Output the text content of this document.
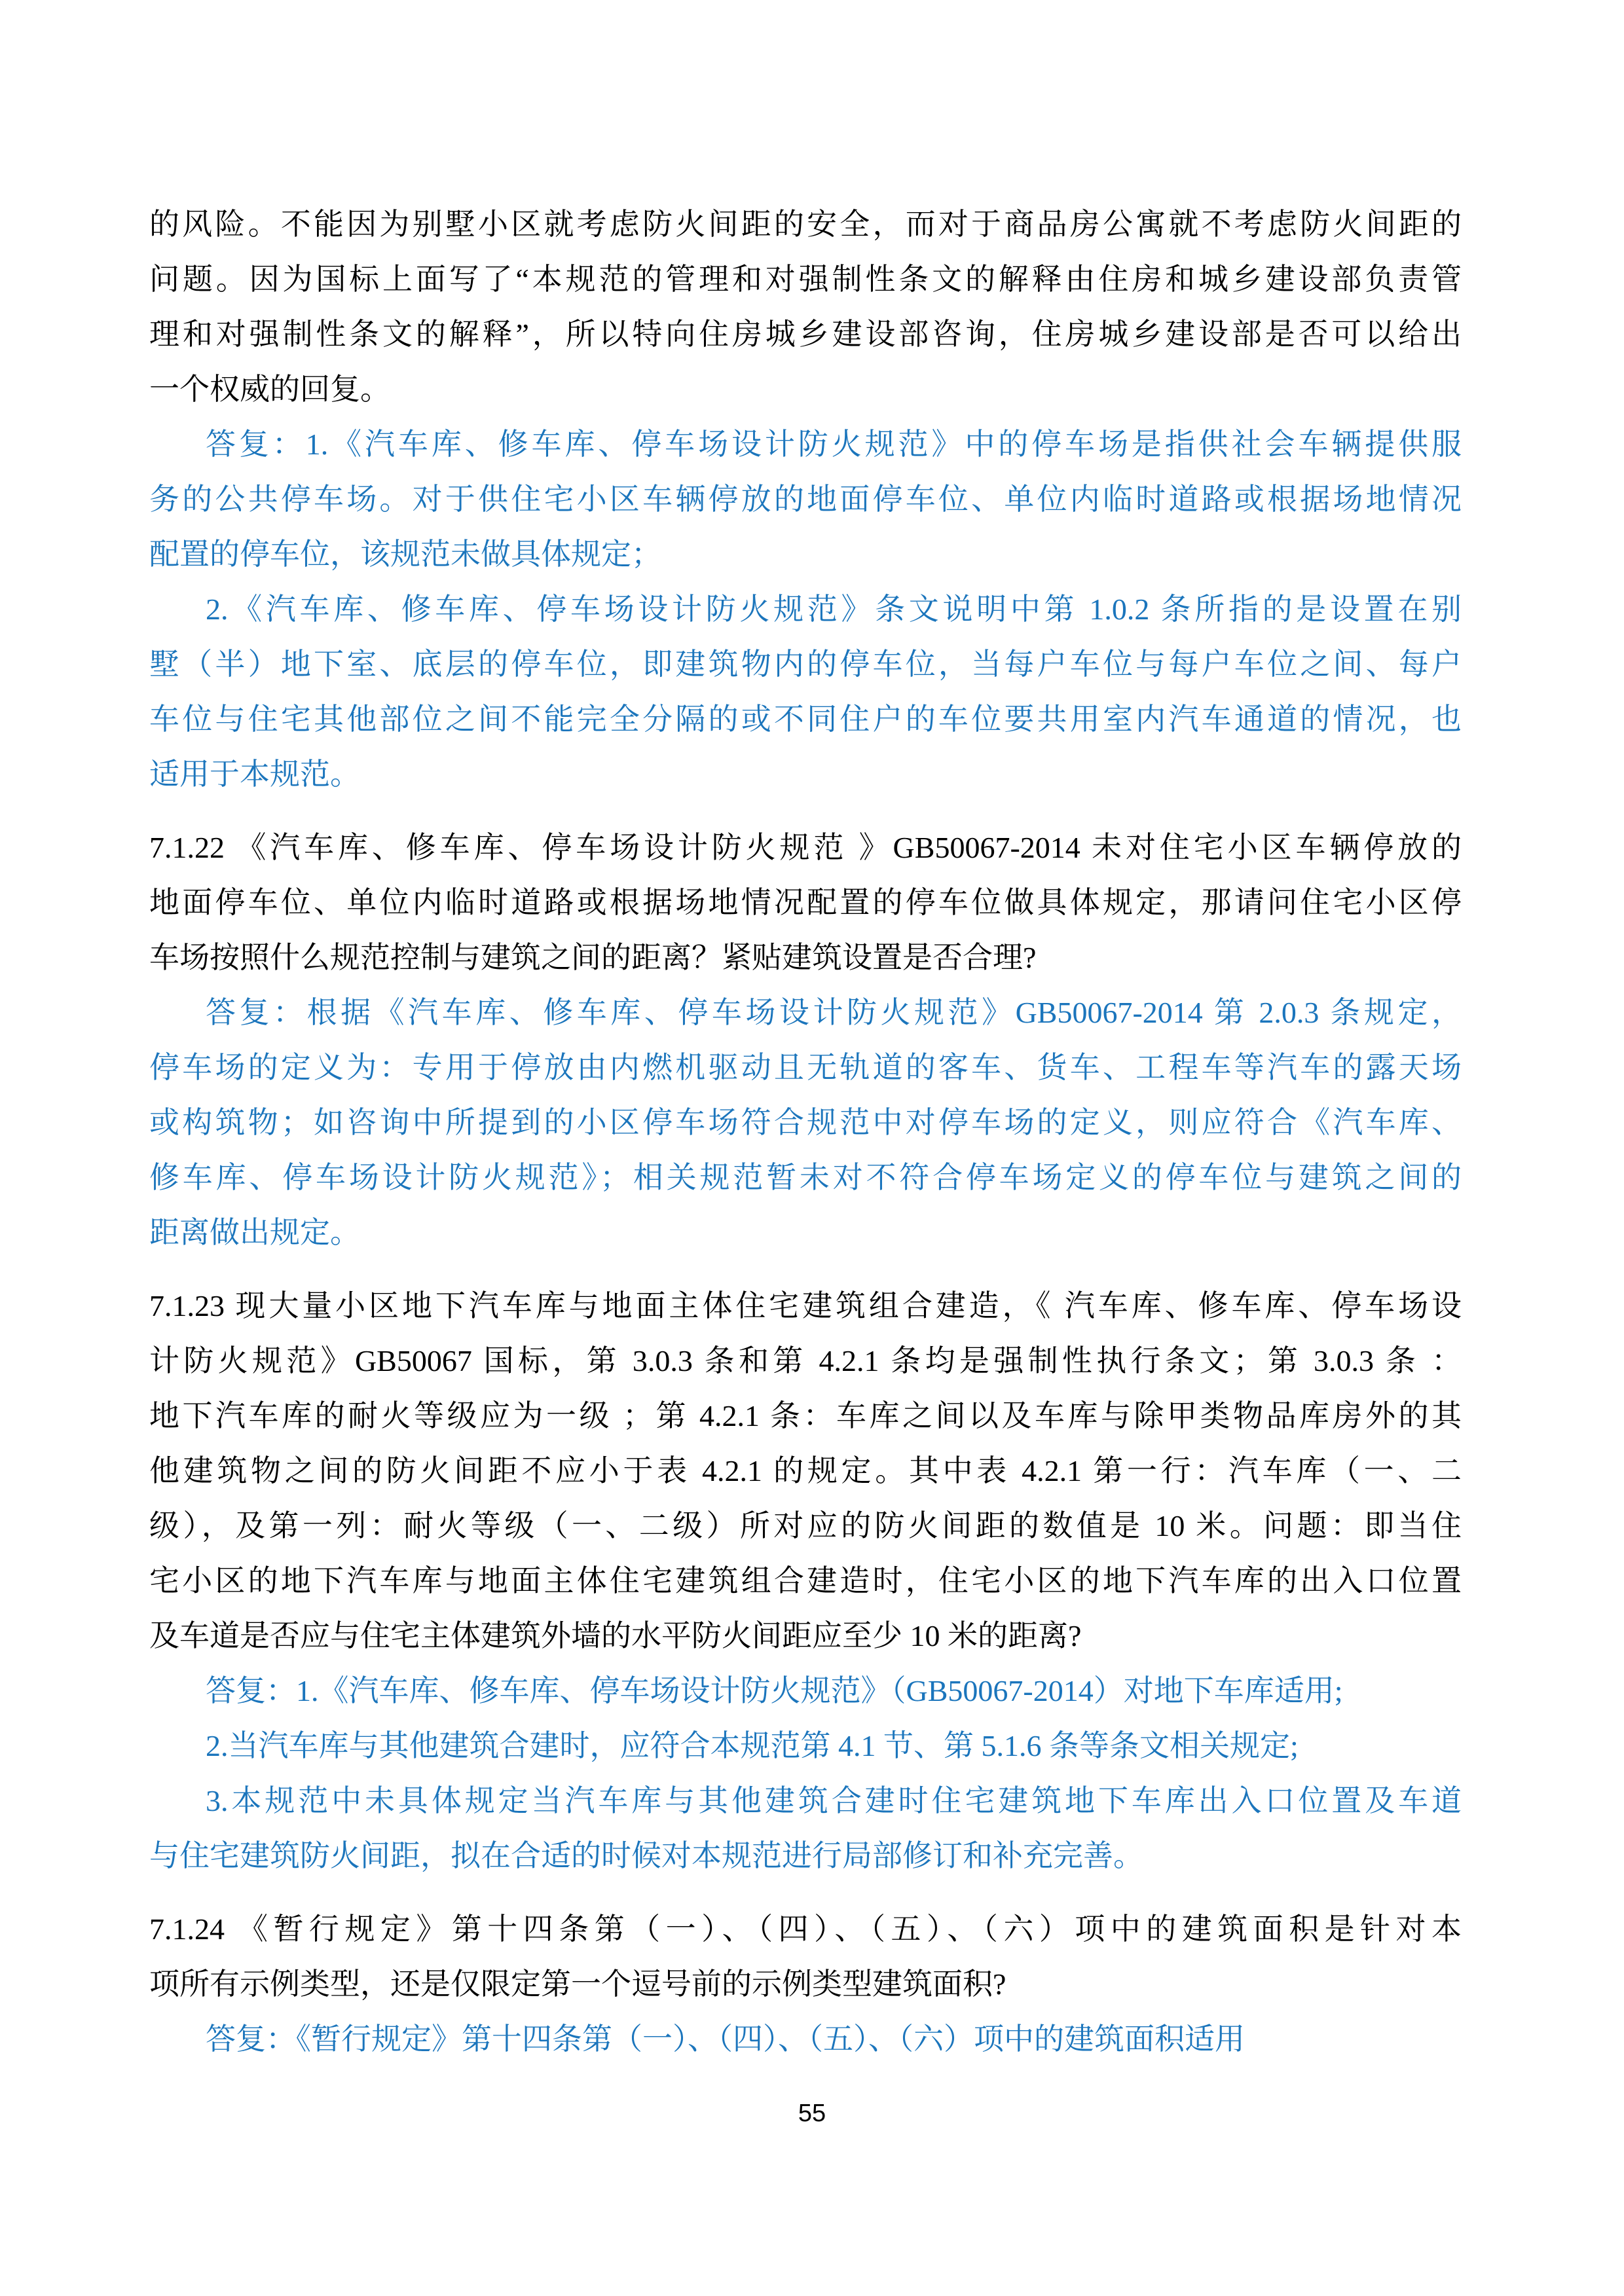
的风险。不能因为别墅小区就考虑防火间距的安全，而对于商品房公寓就不考虑防火间距的
问题。因为国标上面写了“本规范的管理和对强制性条文的解释由住房和城乡建设部负责管
理和对强制性条文的解释”，所以特向住房城乡建设部咨询，住房城乡建设部是否可以给出
一个权威的回复。

答复：1.《汽车库、修车库、停车场设计防火规范》中的停车场是指供社会车辆提供服
务的公共停车场。对于供住宅小区车辆停放的地面停车位、单位内临时道路或根据场地情况
配置的停车位，该规范未做具体规定；

2.《汽车库、修车库、停车场设计防火规范》条文说明中第 1.0.2 条所指的是设置在别
墅（半）地下室、底层的停车位，即建筑物内的停车位，当每户车位与每户车位之间、每户
车位与住宅其他部位之间不能完全分隔的或不同住户的车位要共用室内汽车通道的情况，也
适用于本规范。

7.1.22 《汽车库、修车库、停车场设计防火规范 》GB50067-2014 未对住宅小区车辆停放的
地面停车位、单位内临时道路或根据场地情况配置的停车位做具体规定，那请问住宅小区停
车场按照什么规范控制与建筑之间的距离？紧贴建筑设置是否合理?

答复：根据《汽车库、修车库、停车场设计防火规范》GB50067-2014 第 2.0.3 条规定，
停车场的定义为：专用于停放由内燃机驱动且无轨道的客车、货车、工程车等汽车的露天场
或构筑物；如咨询中所提到的小区停车场符合规范中对停车场的定义，则应符合《汽车库、
修车库、停车场设计防火规范》；相关规范暂未对不符合停车场定义的停车位与建筑之间的
距离做出规定。

7.1.23 现大量小区地下汽车库与地面主体住宅建筑组合建造，《 汽车库、修车库、停车场设
计防火规范》GB50067 国标，第 3.0.3 条和第 4.2.1 条均是强制性执行条文；第 3.0.3 条 ：
地下汽车库的耐火等级应为一级 ；第 4.2.1 条：车库之间以及车库与除甲类物品库房外的其
他建筑物之间的防火间距不应小于表 4.2.1 的规定。其中表 4.2.1 第一行：汽车库（一、二
级），及第一列：耐火等级（一、二级）所对应的防火间距的数值是 10 米。问题：即当住
宅小区的地下汽车库与地面主体住宅建筑组合建造时，住宅小区的地下汽车库的出入口位置
及车道是否应与住宅主体建筑外墙的水平防火间距应至少 10 米的距离?

答复：1.《汽车库、修车库、停车场设计防火规范》（GB50067-2014）对地下车库适用;

2.当汽车库与其他建筑合建时，应符合本规范第 4.1 节、第 5.1.6 条等条文相关规定;

3.本规范中未具体规定当汽车库与其他建筑合建时住宅建筑地下车库出入口位置及车道
与住宅建筑防火间距，拟在合适的时候对本规范进行局部修订和补充完善。

7.1.24 《暂行规定》第十四条第（一）、（四）、（五）、（六）项中的建筑面积是针对本
项所有示例类型，还是仅限定第一个逗号前的示例类型建筑面积?

答复：《暂行规定》第十四条第（一）、（四）、（五）、（六）项中的建筑面积适用

55
